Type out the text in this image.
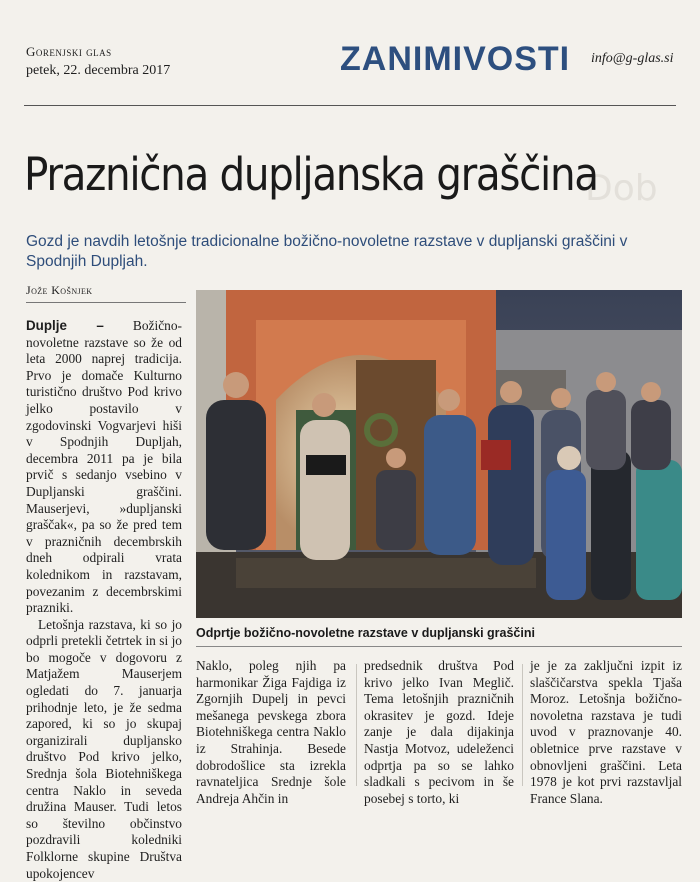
Gorenjski glas
petek, 22. decembra 2017	ZANIMIVOSTI info@g-glas.si
Dob
Praznična dupljanska graščina
Gozd je navdih letošnje tradicionalne božično-novoletne razstave v dupljanski graščini v Spodnjih Dupljah.
Jože Košnjek

Duplje – Božično-novoletne razstave so že od leta 2000 naprej tradicija. Prvo je domače Kulturno turistično društvo Pod krivo jelko postavilo v zgodovinski Vogvarjevi hiši v Spodnjih Dupljah, decembra 2011 pa je bila prvič s sedanjo vsebino v Dupljanski graščini. Mauserjevi, »dupljanski graščak«, pa so že pred tem v prazničnih decembrskih dneh odpirali vrata kolednikom in razstavam, povezanim z decembrskimi prazniki.

Letošnja razstava, ki so jo odprli pretekli četrtek in si jo bo mogoče v dogovoru z Matjažem Mauserjem ogledati do 7. januarja prihodnje leto, je že sedma zapored, ki so jo skupaj organizirali dupljansko društvo Pod krivo jelko, Srednja šola Biotehniškega centra Naklo in seveda družina Mauser. Tudi letos so številno občinstvo pozdravili koledniki Folklorne skupine Društva upokojencev

Odprtje božično-novoletne razstave v dupljanski graščini

Naklo, poleg njih pa harmonikar Žiga Fajdiga iz Zgornjih Dupelj in pevci mešanega pevskega zbora Biotehniškega centra Naklo iz Strahinja. Besede dobrodošlice sta izrekla ravnateljica Srednje šole Andreja Ahčin in

predsednik društva Pod krivo jelko Ivan Meglič. Tema letošnjih prazničnih okrasitev je gozd. Ideje zanje je dala dijakinja Nastja Motvoz, udeleženci odprtja pa so se lahko sladkali s pecivom in še posebej s torto, ki

je je za zaključni izpit iz slaščičarstva spekla Tjaša Moroz. Letošnja božično-novoletna razstava je tudi uvod v praznovanje 40. obletnice prve razstave v obnovljeni graščini. Leta 1978 je kot prvi razstavljal France Slana.
